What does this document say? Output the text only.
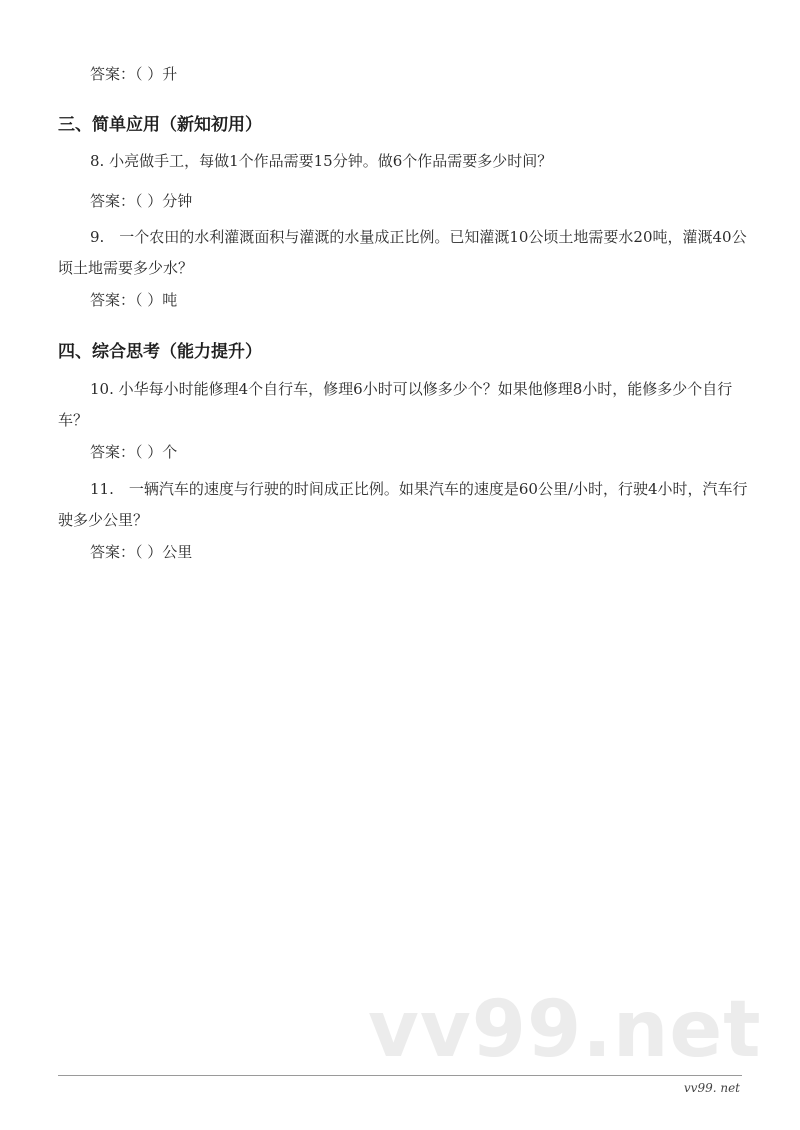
答案：（ ）升
三、简单应用（新知初用）
8. 小亮做手工，每做1个作品需要15分钟。做6个作品需要多少时间？
答案：（ ）分钟
9.　一个农田的水利灌溉面积与灌溉的水量成正比例。已知灌溉10公顷土地需要水20吨，灌溉40公顷土地需要多少水？
答案：（ ）吨
四、综合思考（能力提升）
10. 小华每小时能修理4个自行车，修理6小时可以修多少个？如果他修理8小时，能修多少个自行车？
答案：（ ）个
11.　一辆汽车的速度与行驶的时间成正比例。如果汽车的速度是60公里/小时，行驶4小时，汽车行驶多少公里？
答案：（ ）公里
vv99.net
vv99. net
